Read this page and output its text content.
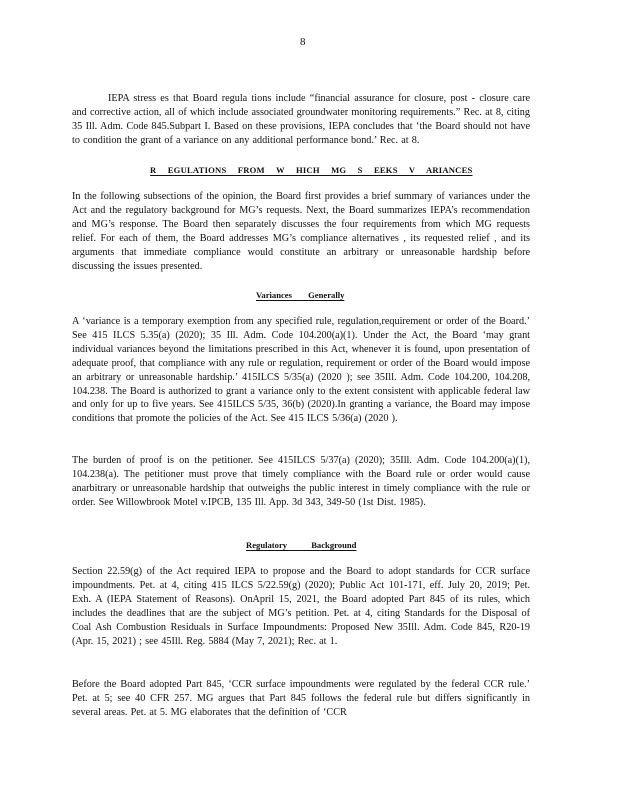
8

IEPA stress es that Board regula tions include “financial assurance for closure, post - closure care and corrective action, all of which include associated groundwater monitoring requirements.” Rec. at 8, citing 35 Ill. Adm. Code 845.Subpart I. Based on these provisions, IEPA concludes that ‘the Board should not have to condition the grant of a variance on any additional performance bond.’ Rec. at 8.

R EGULATIONS FROM W HICH MG S EEKS V ARIANCES

In the following subsections of the opinion, the Board first provides a brief summary of variances under the Act and the regulatory background for MG’s requests. Next, the Board summarizes IEPA’s recommendation and MG’s response. The Board then separately discusses the four requirements from which MG requests relief. For each of them, the Board addresses MG’s compliance alternatives , its requested relief , and its arguments that immediate compliance would constitute an arbitrary or unreasonable hardship before discussing the issues presented.

Variances Generally

A ‘variance is a temporary exemption from any specified rule, regulation,requirement or order of the Board.’ See 415 ILCS 5.35(a) (2020); 35 Ill. Adm. Code 104.200(a)(1). Under the Act, the Board ‘may grant individual variances beyond the limitations prescribed in this Act, whenever it is found, upon presentation of adequate proof, that compliance with any rule or regulation, requirement or order of the Board would impose an arbitrary or unreasonable hardship.’ 415ILCS 5/35(a) (2020 ); see 35Ill. Adm. Code 104.200, 104.208, 104.238. The Board is authorized to grant a variance only to the extent consistent with applicable federal law and only for up to five years. See 415ILCS 5/35, 36(b) (2020).In granting a variance, the Board may impose conditions that promote the policies of the Act. See 415 ILCS 5/36(a) (2020 ).

The burden of proof is on the petitioner. See 415ILCS 5/37(a) (2020); 35Ill. Adm. Code 104.200(a)(1), 104.238(a). The petitioner must prove that timely compliance with the Board rule or order would cause anarbitrary or unreasonable hardship that outweighs the public interest in timely compliance with the rule or order. See Willowbrook Motel v.IPCB, 135 Ill. App. 3d 343, 349-50 (1st Dist. 1985).

Regulatory Background

Section 22.59(g) of the Act required IEPA to propose and the Board to adopt standards for CCR surface impoundments. Pet. at 4, citing 415 ILCS 5/22.59(g) (2020); Public Act 101-171, eff. July 20, 2019; Pet. Exh. A (IEPA Statement of Reasons). OnApril 15, 2021, the Board adopted Part 845 of its rules, which includes the deadlines that are the subject of MG’s petition. Pet. at 4, citing Standards for the Disposal of Coal Ash Combustion Residuals in Surface Impoundments: Proposed New 35Ill. Adm. Code 845, R20-19 (Apr. 15, 2021) ; see 45Ill. Reg. 5884 (May 7, 2021); Rec. at 1.

Before the Board adopted Part 845, ‘CCR surface impoundments were regulated by the federal CCR rule.’ Pet. at 5; see 40 CFR 257. MG argues that Part 845 follows the federal rule but differs significantly in several areas. Pet. at 5. MG elaborates that the definition of ‘CCR
